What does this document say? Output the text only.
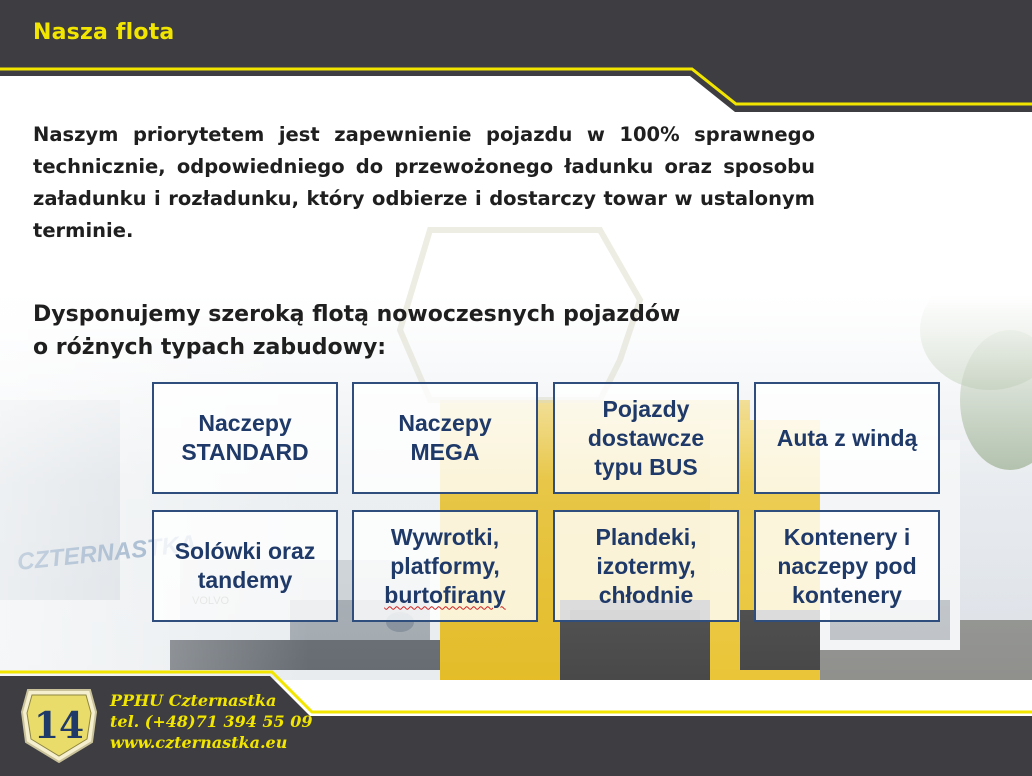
Nasza flota

Naszym priorytetem jest zapewnienie pojazdu w 100% sprawnego technicznie, odpowiedniego do przewożonego ładunku oraz sposobu załadunku i rozładunku, który odbierze i dostarczy towar w ustalonym terminie.

Dysponujemy szeroką flotą nowoczesnych pojazdów
o różnych typach zabudowy:
Naczepy
STANDARD
Naczepy
MEGA
Pojazdy
dostawcze
typu BUS
Auta z windą
Solówki oraz
tandemy
Wywrotki,
platformy,
burtofirany
Plandeki,
izotermy,
chłodnie
Kontenery i
naczepy pod
kontenery
14
PPHU Czternastka
tel. (+48)71 394 55 09
www.czternastka.eu
